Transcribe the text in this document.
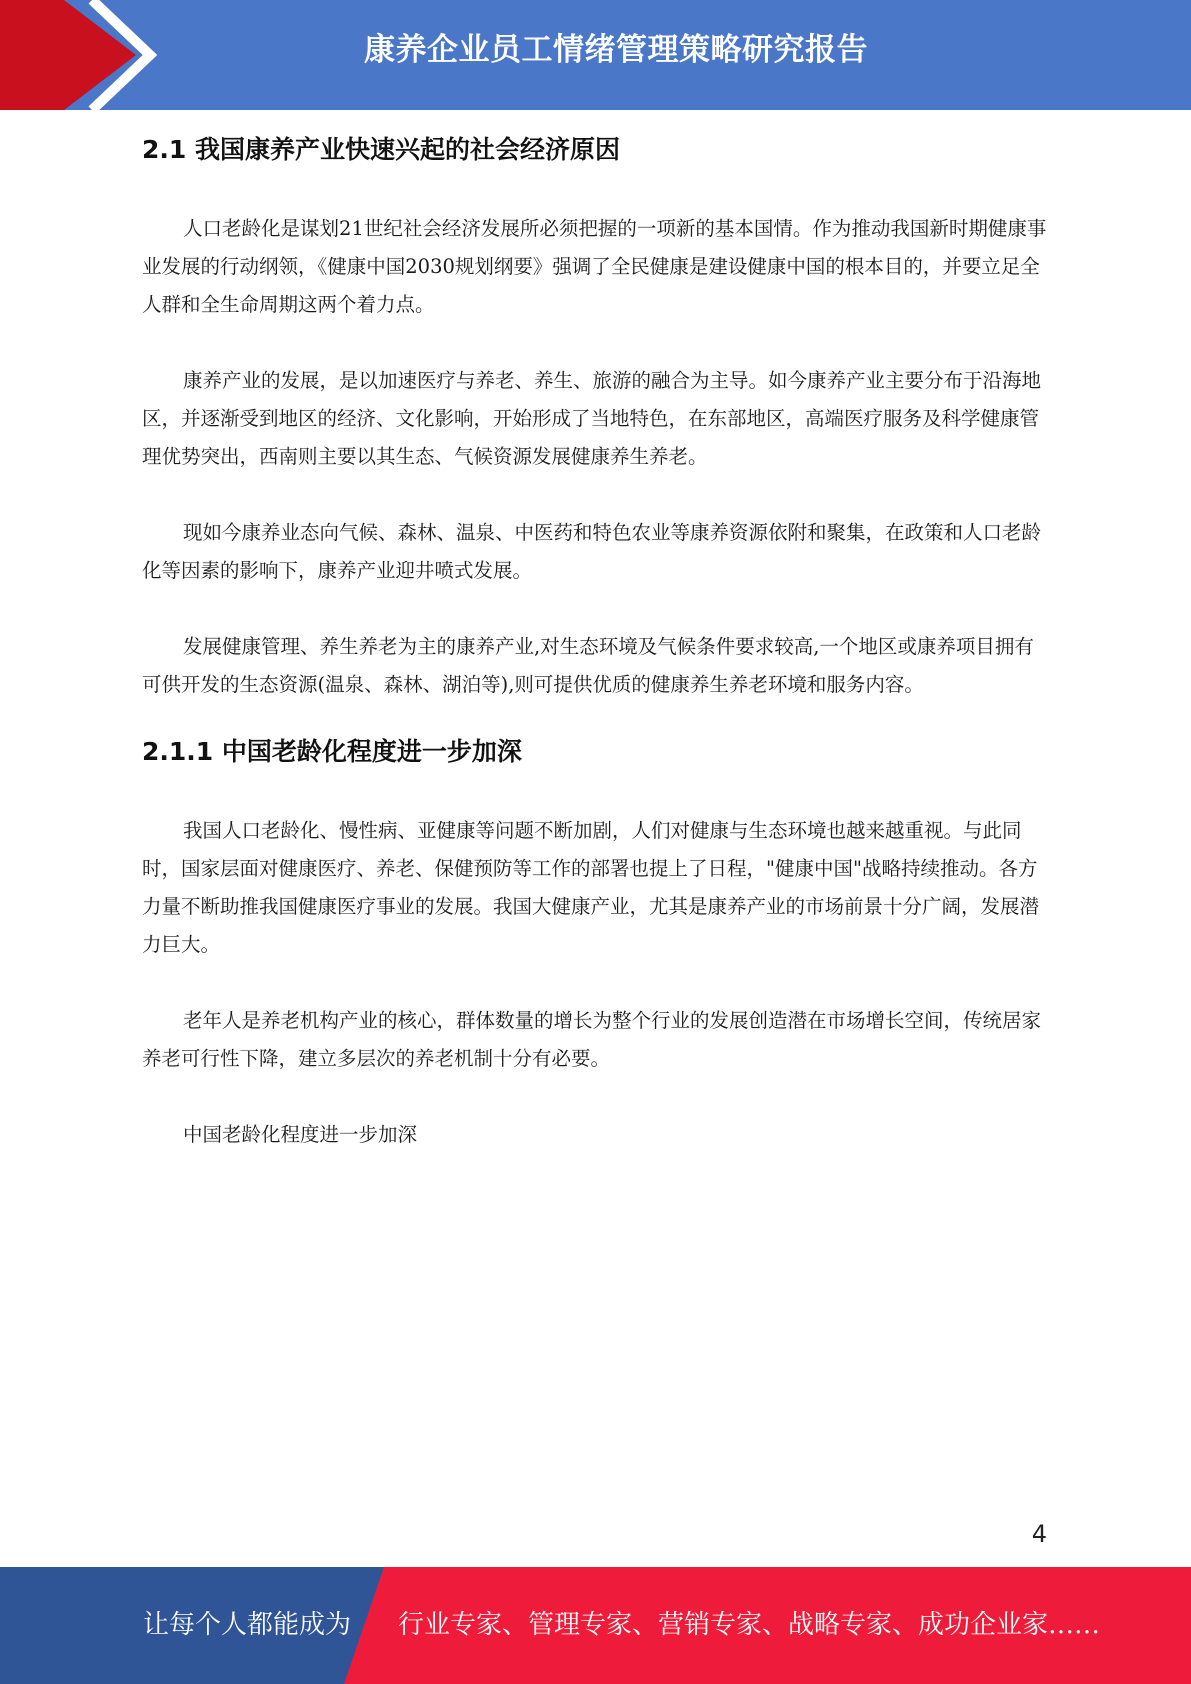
康养企业员工情绪管理策略研究报告
2.1 我国康养产业快速兴起的社会经济原因

人口老龄化是谋划21世纪社会经济发展所必须把握的一项新的基本国情。作为推动我国新时期健康事业发展的行动纲领，《健康中国2030规划纲要》强调了全民健康是建设健康中国的根本目的，并要立足全人群和全生命周期这两个着力点。

康养产业的发展，是以加速医疗与养老、养生、旅游的融合为主导。如今康养产业主要分布于沿海地区，并逐渐受到地区的经济、文化影响，开始形成了当地特色，在东部地区，高端医疗服务及科学健康管理优势突出，西南则主要以其生态、气候资源发展健康养生养老。

现如今康养业态向气候、森林、温泉、中医药和特色农业等康养资源依附和聚集，在政策和人口老龄化等因素的影响下，康养产业迎井喷式发展。

发展健康管理、养生养老为主的康养产业,对生态环境及气候条件要求较高,一个地区或康养项目拥有可供开发的生态资源(温泉、森林、湖泊等),则可提供优质的健康养生养老环境和服务内容。

2.1.1 中国老龄化程度进一步加深

我国人口老龄化、慢性病、亚健康等问题不断加剧，人们对健康与生态环境也越来越重视。与此同时，国家层面对健康医疗、养老、保健预防等工作的部署也提上了日程，"健康中国"战略持续推动。各方力量不断助推我国健康医疗事业的发展。我国大健康产业，尤其是康养产业的市场前景十分广阔，发展潜力巨大。

老年人是养老机构产业的核心，群体数量的增长为整个行业的发展创造潜在市场增长空间，传统居家养老可行性下降，建立多层次的养老机制十分有必要。

中国老龄化程度进一步加深

4
让每个人都能成为 行业专家、管理专家、营销专家、战略专家、成功企业家……
